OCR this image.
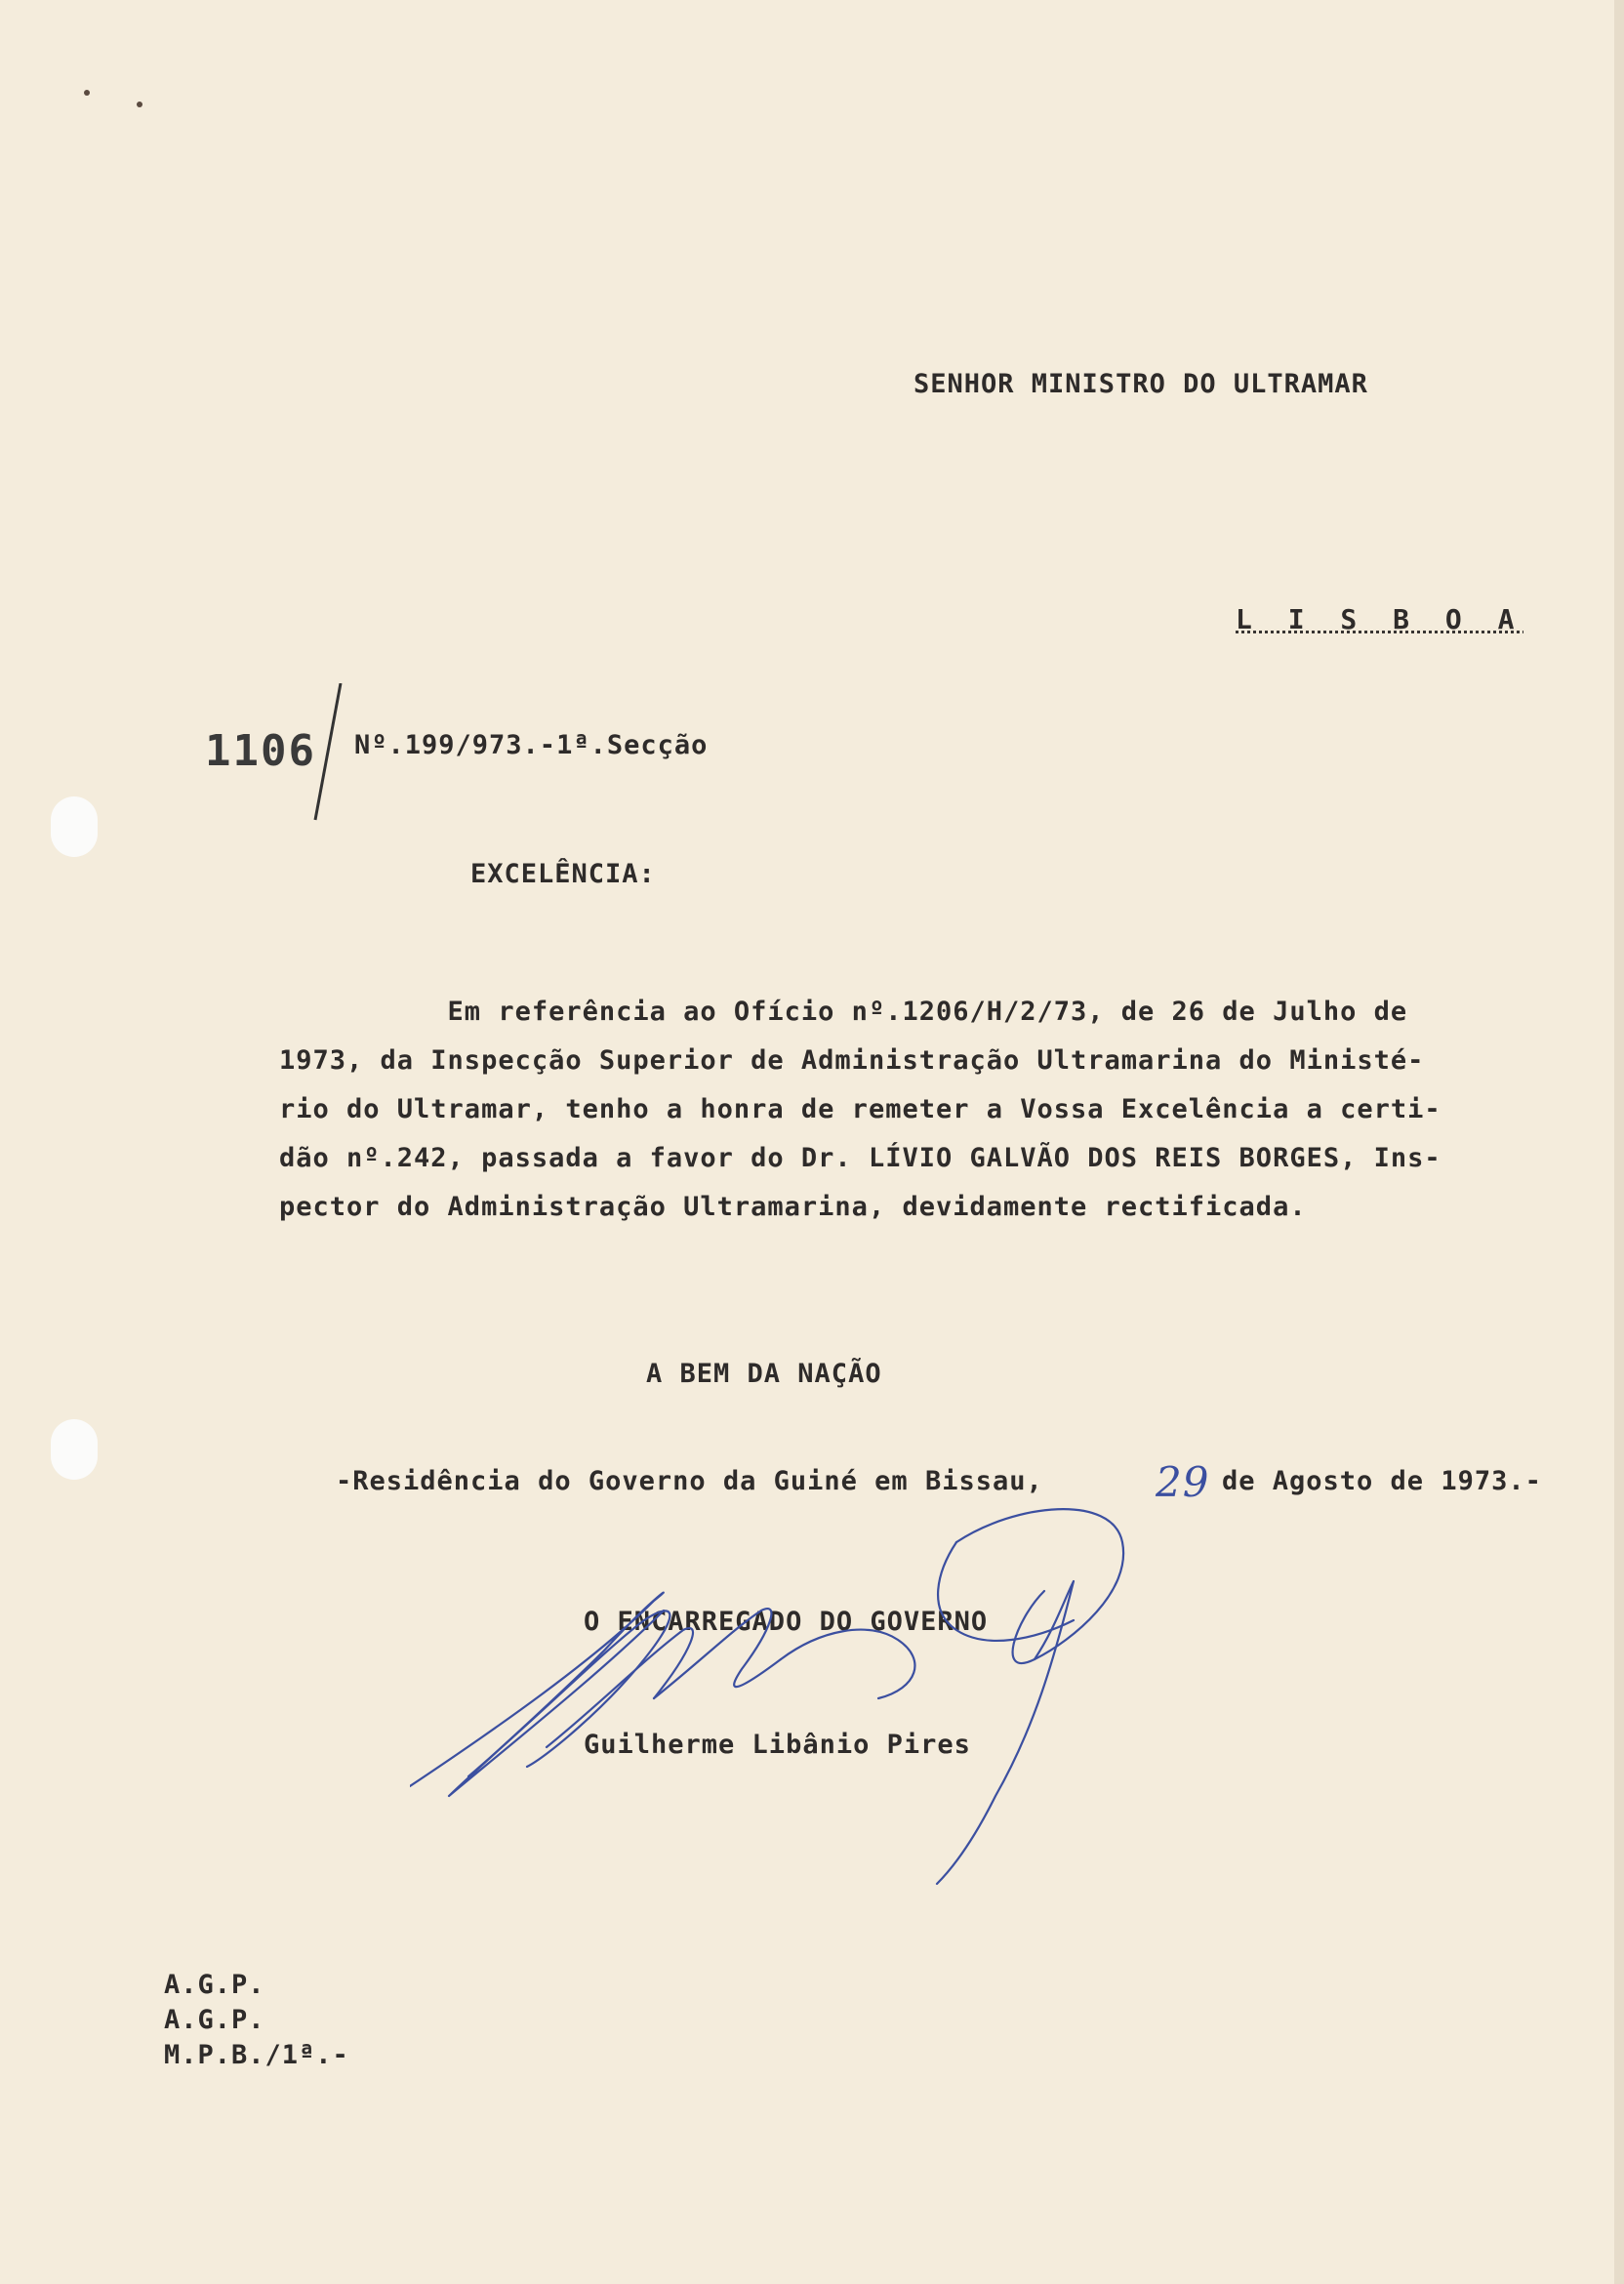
SENHOR MINISTRO DO ULTRAMAR
L I S B O A
1106 Nº.199/973.-1ª.Secção
EXCELÊNCIA:
Em referência ao Ofício nº.1206/H/2/73, de 26 de Julho de
1973, da Inspecção Superior de Administração Ultramarina do Ministé-
rio do Ultramar, tenho a honra de remeter a Vossa Excelência a certi-
dão nº.242, passada a favor do Dr. LÍVIO GALVÃO DOS REIS BORGES, Ins-
pector do Administração Ultramarina, devidamente rectificada.
A BEM DA NAÇÃO
-Residência do Governo da Guiné em Bissau,	29 de Agosto de 1973.-
O ENCARREGADO DO GOVERNO
Guilherme Libânio Pires
A.G.P.
A.G.P.
M.P.B./1ª.-
